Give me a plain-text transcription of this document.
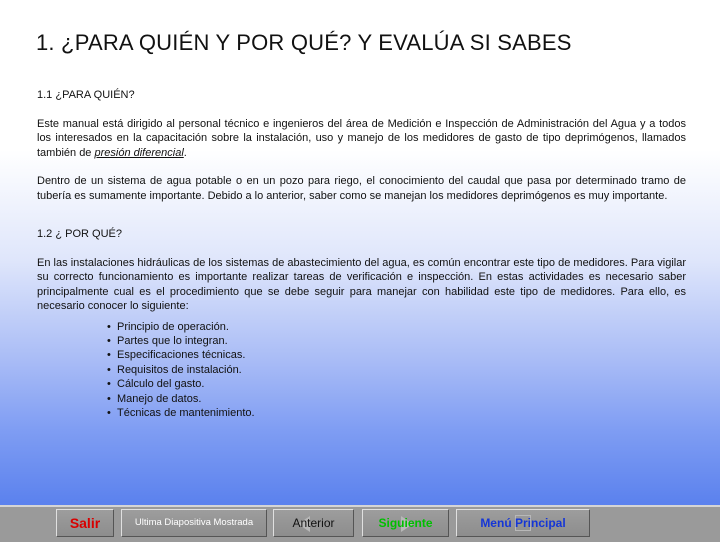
1. ¿PARA QUIÉN Y POR QUÉ? Y EVALÚA SI SABES
1.1 ¿PARA QUIÉN?
Este manual está dirigido al personal técnico e ingenieros del área de Medición e Inspección de Administración del Agua y a todos los interesados en la capacitación sobre la instalación, uso y manejo de los medidores de gasto de tipo deprimógenos, llamados también de presión diferencial.
Dentro de un sistema de agua potable o en un pozo para riego, el conocimiento del caudal que pasa por determinado tramo de tubería es sumamente importante. Debido a lo anterior, saber como se manejan los medidores deprimógenos es muy importante.
1.2 ¿ POR QUÉ?
En las instalaciones hidráulicas de los sistemas de abastecimiento del agua, es común encontrar este tipo de medidores. Para vigilar su correcto funcionamiento es importante realizar tareas de verificación e inspección. En estas actividades es necesario saber principalmente cual es el procedimiento que se debe seguir para manejar con habilidad este tipo de medidores. Para ello, es necesario conocer lo siguiente:
• Principio de operación.
• Partes que lo integran.
• Especificaciones técnicas.
• Requisitos de instalación.
• Cálculo del gasto.
• Manejo de datos.
• Técnicas de mantenimiento.
Salir	Ultima Diapositiva Mostrada	Anterior	Siguiente	Menú Principal
